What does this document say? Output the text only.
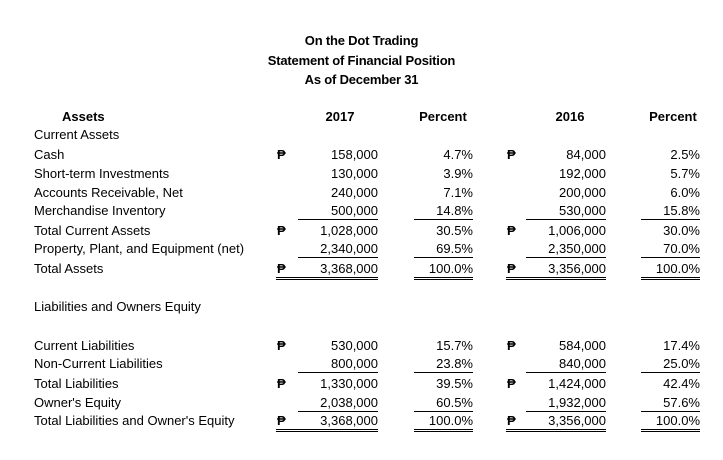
On the Dot Trading
Statement of Financial Position
As of December 31
Assets	2017	Percent	2016	Percent
Current Assets
Cash	₱	158,000	4.7%	₱	84,000	2.5%
Short-term Investments	130,000	3.9%	192,000	5.7%
Accounts Receivable, Net	240,000	7.1%	200,000	6.0%
Merchandise Inventory	500,000	14.8%	530,000	15.8%
Total Current Assets	₱	1,028,000	30.5%	₱	1,006,000	30.0%
Property, Plant, and Equipment (net)	2,340,000	69.5%	2,350,000	70.0%
Total Assets	₱	3,368,000	100.0%	₱	3,356,000	100.0%
Liabilities and Owners Equity
Current Liabilities	₱	530,000	15.7%	₱	584,000	17.4%
Non-Current Liabilities	800,000	23.8%	840,000	25.0%
Total Liabilities	₱	1,330,000	39.5%	₱	1,424,000	42.4%
Owner's Equity	2,038,000	60.5%	1,932,000	57.6%
Total Liabilities and Owner's Equity	₱	3,368,000	100.0%	₱	3,356,000	100.0%
